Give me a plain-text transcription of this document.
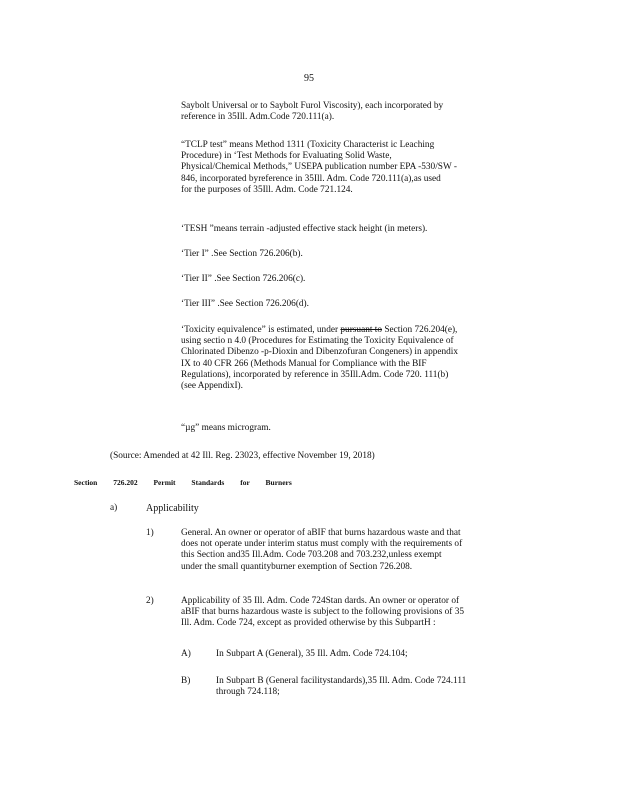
95

Saybolt Universal or to Saybolt Furol Viscosity), each incorporated by

reference in 35Ill. Adm.Code 720.111(a).

“TCLP test” means Method 1311 (Toxicity Characterist ic Leaching

Procedure) in ‘Test Methods for Evaluating Solid Waste,

Physical/Chemical Methods,” USEPA publication number EPA -530/SW -

846, incorporated byreference in 35Ill. Adm. Code 720.111(a),as used

for the purposes of 35Ill. Adm. Code 721.124.

‘TESH ”means terrain -adjusted effective stack height (in meters).

‘Tier I” .See Section 726.206(b).

‘Tier II” .See Section 726.206(c).

‘Tier III” .See Section 726.206(d).

‘Toxicity equivalence” is estimated, under pursuant to Section 726.204(e),

using sectio n 4.0 (Procedures for Estimating the Toxicity Equivalence of

Chlorinated Dibenzo -p-Dioxin and Dibenzofuran Congeners) in appendix

IX to 40 CFR 266 (Methods Manual for Compliance with the BIF

Regulations), incorporated by reference in 35Ill.Adm. Code 720. 111(b)

(see AppendixI).

“µg” means microgram.

(Source: Amended at 42 Ill. Reg. 23023, effective November 19, 2018)
Section 726.202 Permit Standards for Burners
a)	Applicability
1)	General. An owner or operator of aBIF that burns hazardous waste and that
does not operate under interim status must comply with the requirements of
this Section and35 Ill.Adm. Code 703.208 and 703.232,unless exempt
under the small quantityburner exemption of Section 726.208.
2)	Applicability of 35 Ill. Adm. Code 724Stan dards. An owner or operator of
aBIF that burns hazardous waste is subject to the following provisions of 35
Ill. Adm. Code 724, except as provided otherwise by this SubpartH :
A)	In Subpart A (General), 35 Ill. Adm. Code 724.104;
B)	In Subpart B (General facilitystandards),35 Ill. Adm. Code 724.111
through 724.118;
